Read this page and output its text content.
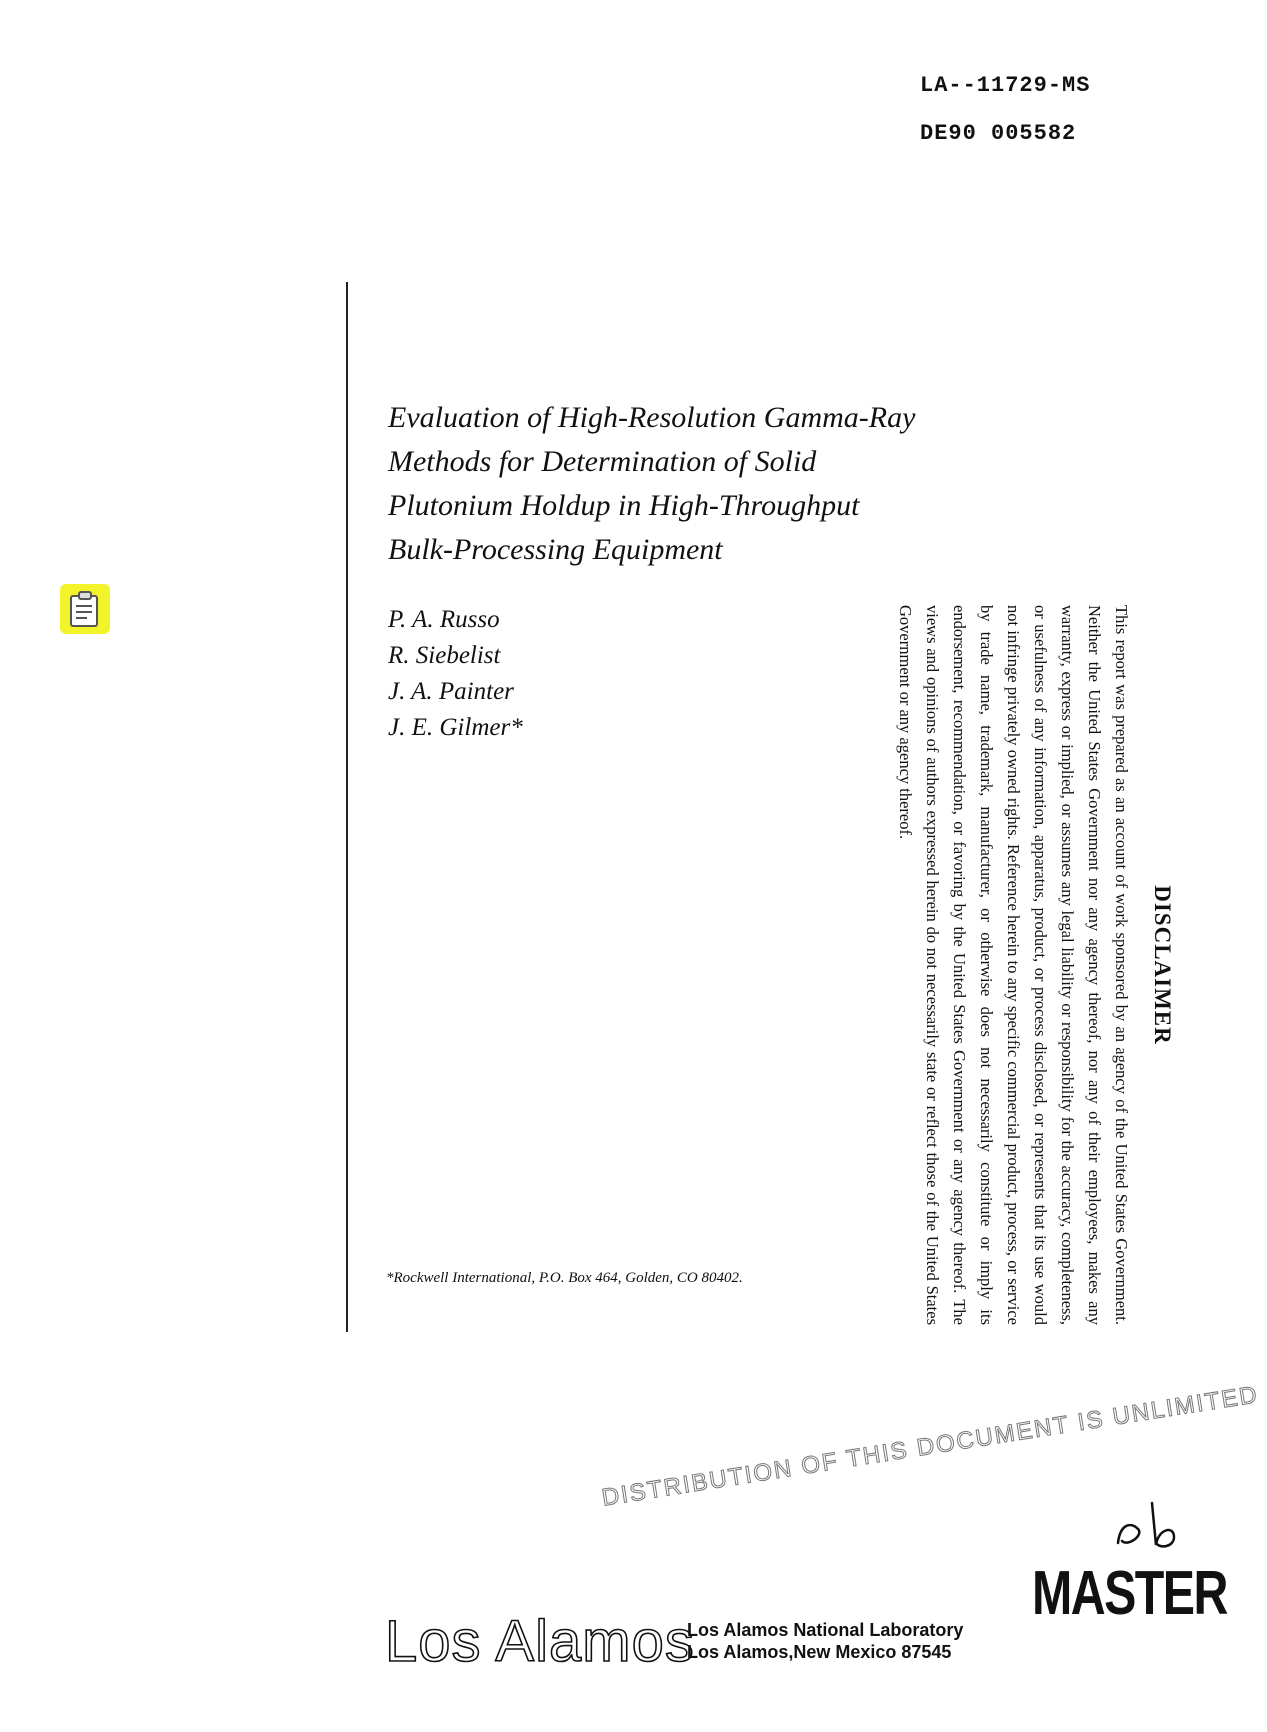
LA--11729-MS
DE90 005582
Evaluation of High-Resolution Gamma-Ray
Methods for Determination of Solid
Plutonium Holdup in High-Throughput
Bulk-Processing Equipment
P. A. Russo
R. Siebelist
J. A. Painter
J. E. Gilmer*
DISCLAIMER
This report was prepared as an account of work sponsored by an agency of the United States Government. Neither the United States Government nor any agency thereof, nor any of their employees, makes any warranty, express or implied, or assumes any legal liability or responsibility for the accuracy, completeness, or usefulness of any information, apparatus, product, or process disclosed, or represents that its use would not infringe privately owned rights. Reference herein to any specific commercial product, process, or service by trade name, trademark, manufacturer, or otherwise does not necessarily constitute or imply its endorsement, recommendation, or favoring by the United States Government or any agency thereof. The views and opinions of authors expressed herein do not necessarily state or reflect those of the United States Government or any agency thereof.
*Rockwell International, P.O. Box 464, Golden, CO 80402.
DISTRIBUTION OF THIS DOCUMENT IS UNLIMITED
MASTER
Los Alamos
Los Alamos National Laboratory
Los Alamos,New Mexico 87545
